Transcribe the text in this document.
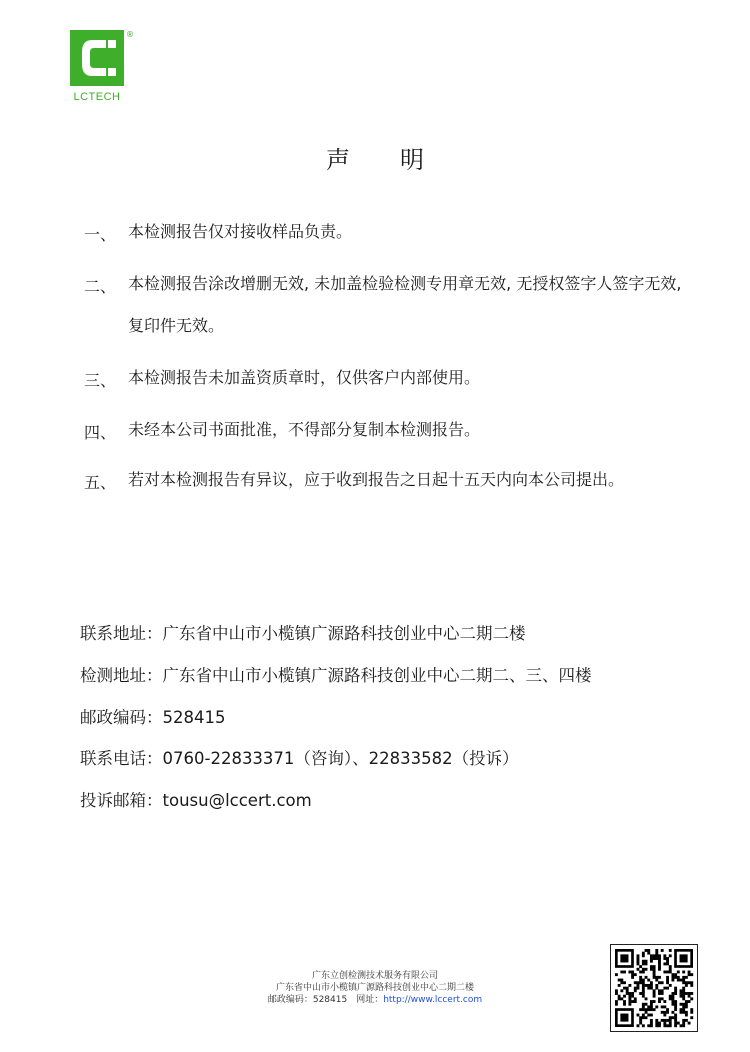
®
LCTECH
声明
一、 本检测报告仅对接收样品负责。
二、 本检测报告涂改增删无效, 未加盖检验检测专用章无效, 无授权签字人签字无效, 复印件无效。
三、 本检测报告未加盖资质章时，仅供客户内部使用。
四、 未经本公司书面批准，不得部分复制本检测报告。
五、 若对本检测报告有异议，应于收到报告之日起十五天内向本公司提出。
联系地址：广东省中山市小榄镇广源路科技创业中心二期二楼
检测地址：广东省中山市小榄镇广源路科技创业中心二期二、三、四楼
邮政编码：528415
联系电话：0760-22833371（咨询）、22833582（投诉）
投诉邮箱：tousu@lccert.com
广东立创检测技术服务有限公司
广东省中山市小榄镇广源路科技创业中心二期二楼
邮政编码：528415　网址：http://www.lccert.com
